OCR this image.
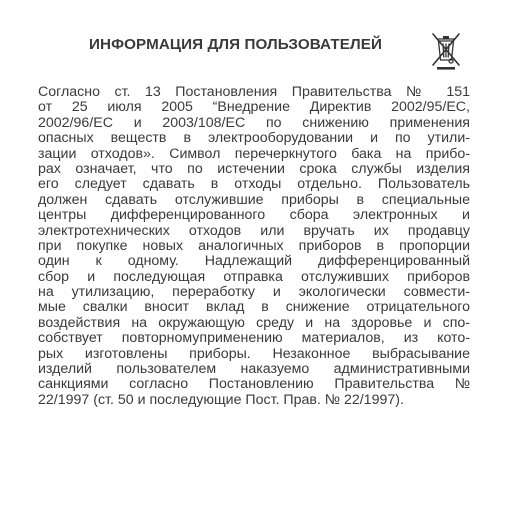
ИНФОРМАЦИЯ ДЛЯ ПОЛЬЗОВАТЕЛЕЙ
Согласно ст. 13 Постановления Правительства № 151
от 25 июля 2005 “Внедрение Директив 2002/95/ЕС,
2002/96/ЕС и 2003/108/ЕС по снижению применения
опасных веществ в электрооборудовании и по утили-
зации отходов». Символ перечеркнутого бака на прибо-
рах означает, что по истечении срока службы изделия
его следует сдавать в отходы отдельно. Пользователь
должен сдавать отслужившие приборы в специальные
центры дифференцированного сбора электронных и
электротехнических отходов или вручать их продавцу
при покупке новых аналогичных приборов в пропорции
один к одному. Надлежащий дифференцированный
сбор и последующая отправка отслуживших приборов
на утилизацию, переработку и экологически совмести-
мые свалки вносит вклад в снижение отрицательного
воздействия на окружающую среду и на здоровье и спо-
собствует повторномуприменению материалов, из кото-
рых изготовлены приборы. Незаконное выбрасывание
изделий пользователем наказуемо административными
санкциями согласно Постановлению Правительства №
22/1997 (ст. 50 и последующие Пост. Прав. № 22/1997).
